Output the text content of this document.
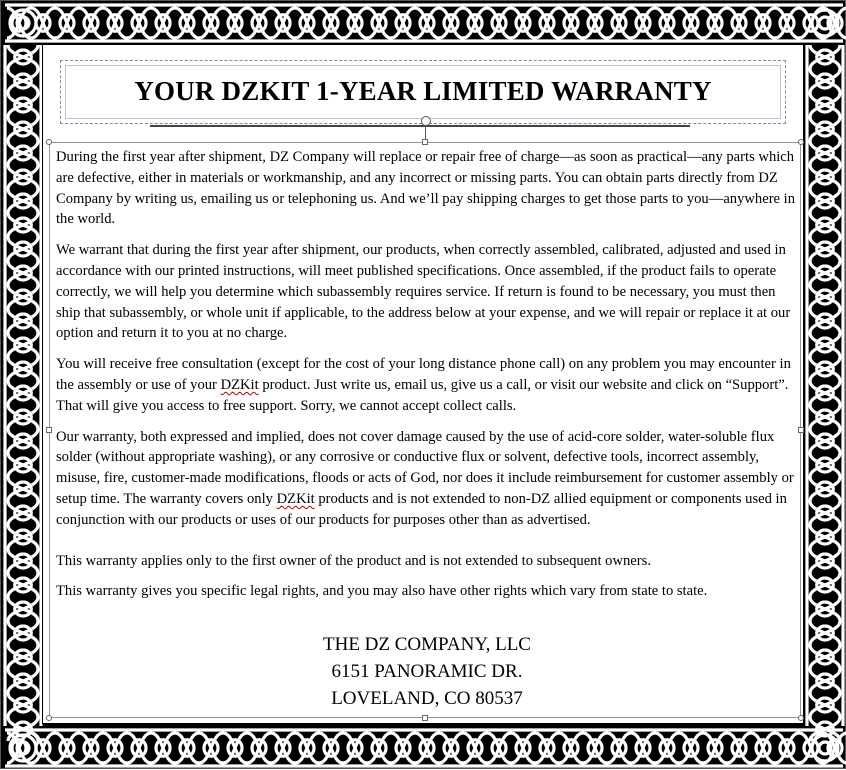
YOUR DZKIT 1-YEAR LIMITED WARRANTY

During the first year after shipment, DZ Company will replace or repair free of charge—as soon as practical—any parts which are defective, either in materials or workmanship, and any incorrect or missing parts. You can obtain parts directly from DZ Company by writing us, emailing us or telephoning us. And we’ll pay shipping charges to get those parts to you—anywhere in the world.

We warrant that during the first year after shipment, our products, when correctly assembled, calibrated, adjusted and used in accordance with our printed instructions, will meet published specifications. Once assembled, if the product fails to operate correctly, we will help you determine which subassembly requires service. If return is found to be necessary, you must then ship that subassembly, or whole unit if applicable, to the address below at your expense, and we will repair or replace it at our option and return it to you at no charge.

You will receive free consultation (except for the cost of your long distance phone call) on any problem you may encounter in the assembly or use of your DZKit product. Just write us, email us, give us a call, or visit our website and click on “Support”. That will give you access to free support. Sorry, we cannot accept collect calls.

Our warranty, both expressed and implied, does not cover damage caused by the use of acid-core solder, water-soluble flux solder (without appropriate washing), or any corrosive or conductive flux or solvent, defective tools, incorrect assembly, misuse, fire, customer-made modifications, floods or acts of God, nor does it include reimbursement for customer assembly or setup time. The warranty covers only DZKit products and is not extended to non-DZ allied equipment or components used in conjunction with our products or uses of our products for purposes other than as advertised.

This warranty applies only to the first owner of the product and is not extended to subsequent owners.

This warranty gives you specific legal rights, and you may also have other rights which vary from state to state.

THE DZ COMPANY, LLC
6151 PANORAMIC DR.
LOVELAND, CO 80537
